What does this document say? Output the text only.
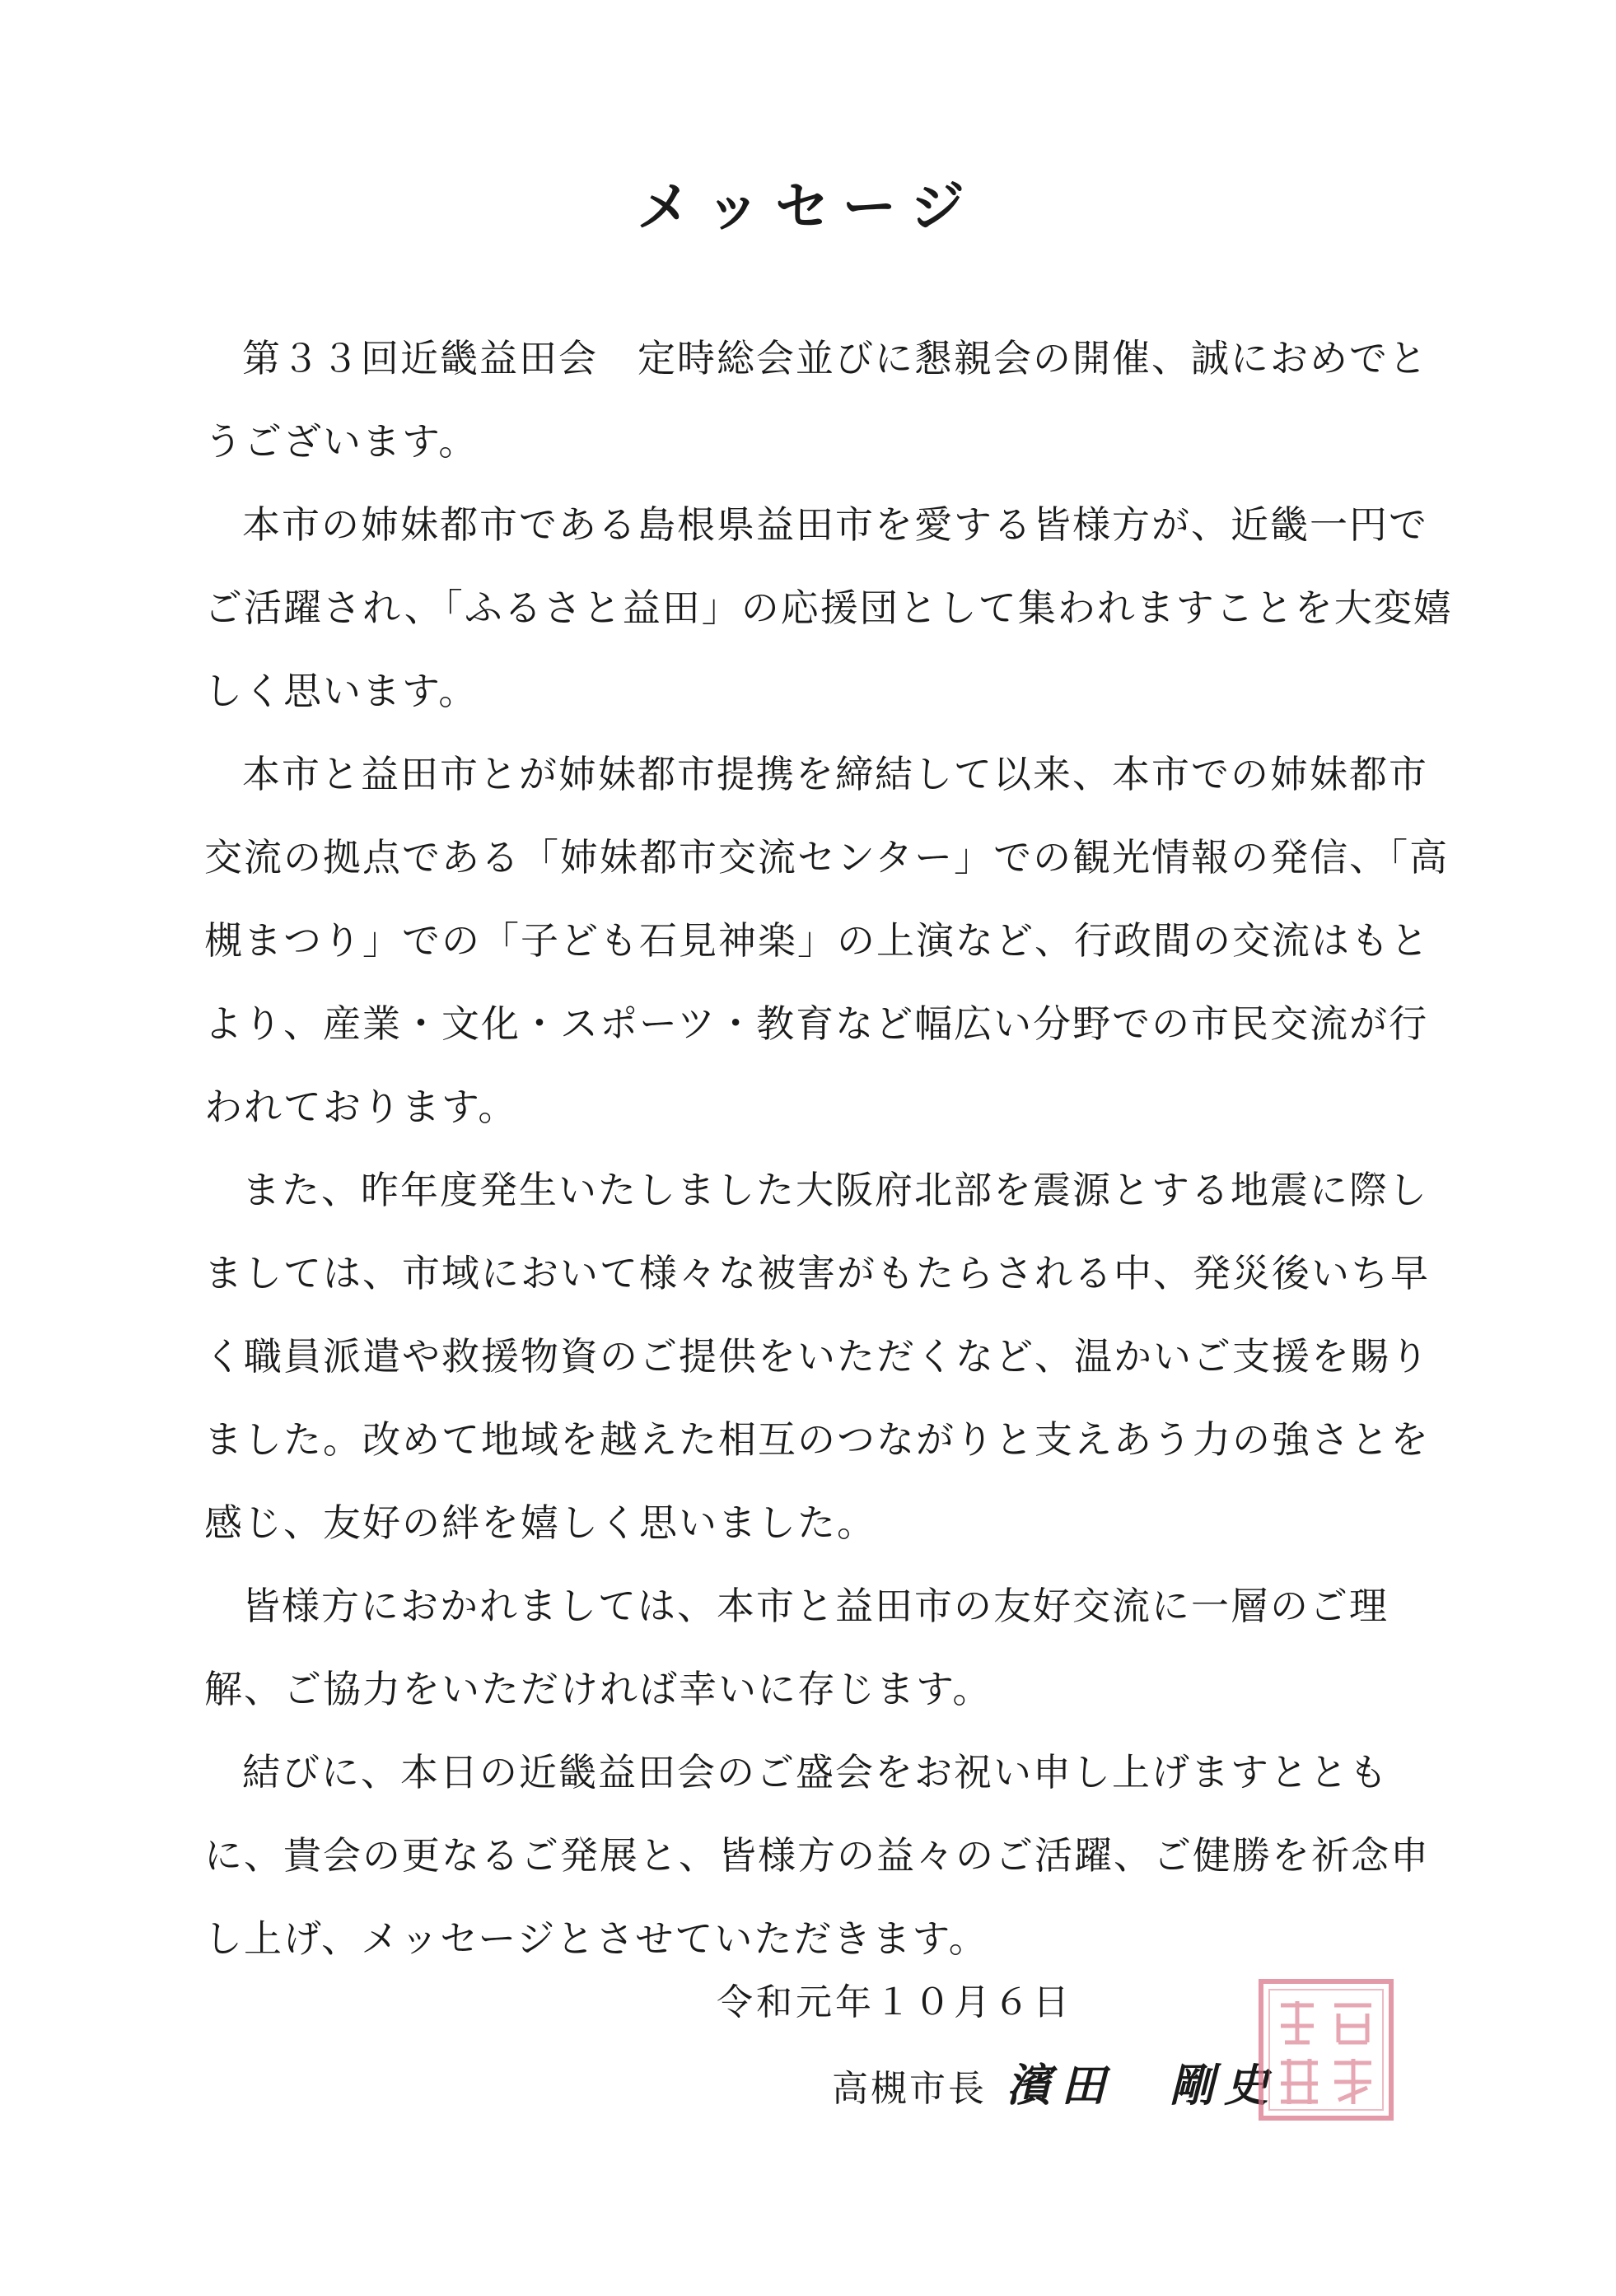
メッセージ

第３３回近畿益田会　定時総会並びに懇親会の開催、誠におめでとうございます。

本市の姉妹都市である島根県益田市を愛する皆様方が、近畿一円でご活躍され、「ふるさと益田」の応援団として集われますことを大変嬉しく思います。

本市と益田市とが姉妹都市提携を締結して以来、本市での姉妹都市交流の拠点である「姉妹都市交流センター」での観光情報の発信、「高槻まつり」での「子ども石見神楽」の上演など、行政間の交流はもとより、産業・文化・スポーツ・教育など幅広い分野での市民交流が行われております。

また、昨年度発生いたしました大阪府北部を震源とする地震に際しましては、市域において様々な被害がもたらされる中、発災後いち早く職員派遣や救援物資のご提供をいただくなど、温かいご支援を賜りました。改めて地域を越えた相互のつながりと支えあう力の強さとを感じ、友好の絆を嬉しく思いました。

皆様方におかれましては、本市と益田市の友好交流に一層のご理解、ご協力をいただければ幸いに存じます。

結びに、本日の近畿益田会のご盛会をお祝い申し上げますとともに、貴会の更なるご発展と、皆様方の益々のご活躍、ご健勝を祈念申し上げ、メッセージとさせていただきます。

令和元年１０月６日
高槻市長 濱田　剛史
